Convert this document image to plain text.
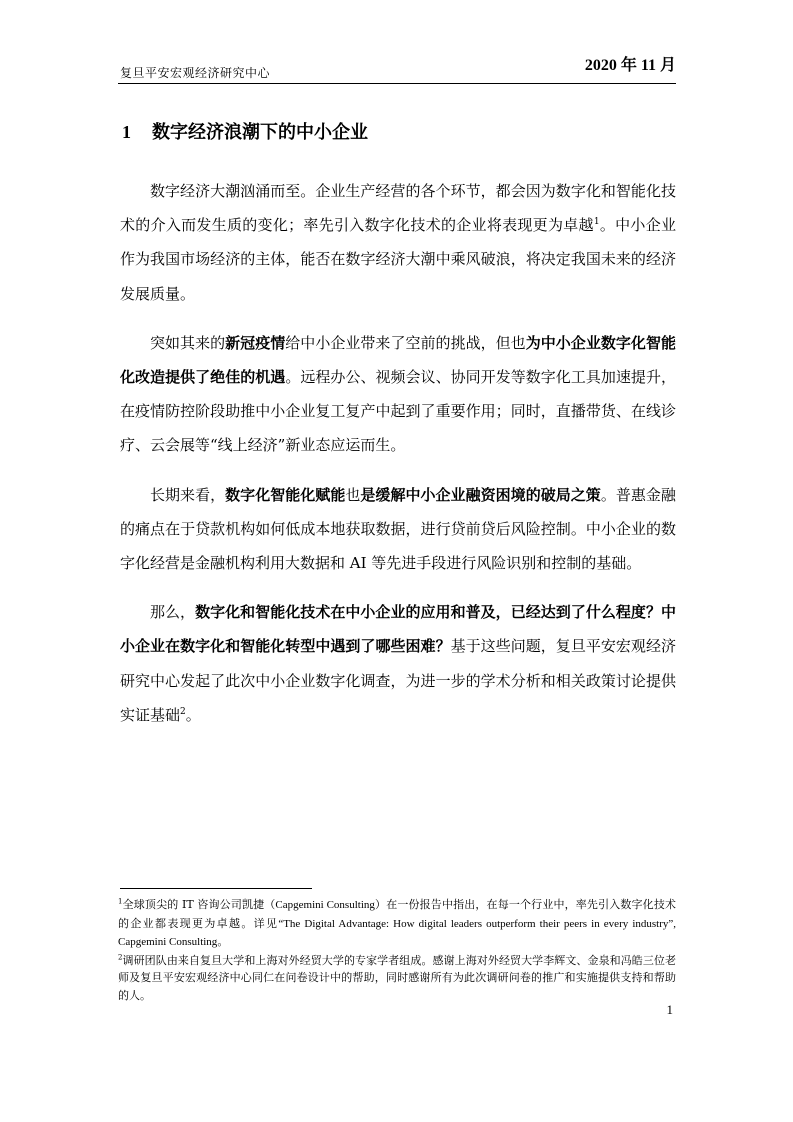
复旦平安宏观经济研究中心	2020 年 11 月
1 数字经济浪潮下的中小企业

数字经济大潮汹涌而至。企业生产经营的各个环节，都会因为数字化和智能化技术的介入而发生质的变化；率先引入数字化技术的企业将表现更为卓越$^1$。中小企业作为我国市场经济的主体，能否在数字经济大潮中乘风破浪，将决定我国未来的经济发展质量。

突如其来的新冠疫情给中小企业带来了空前的挑战，但也为中小企业数字化智能化改造提供了绝佳的机遇。远程办公、视频会议、协同开发等数字化工具加速提升，在疫情防控阶段助推中小企业复工复产中起到了重要作用；同时，直播带货、在线诊疗、云会展等“线上经济”新业态应运而生。

长期来看，数字化智能化赋能也是缓解中小企业融资困境的破局之策。普惠金融的痛点在于贷款机构如何低成本地获取数据，进行贷前贷后风险控制。中小企业的数字化经营是金融机构利用大数据和 AI 等先进手段进行风险识别和控制的基础。

那么，数字化和智能化技术在中小企业的应用和普及，已经达到了什么程度？中小企业在数字化和智能化转型中遇到了哪些困难？基于这些问题，复旦平安宏观经济研究中心发起了此次中小企业数字化调查，为进一步的学术分析和相关政策讨论提供实证基础$^2$。

$^1$全球顶尖的 IT 咨询公司凯捷（Capgemini Consulting）在一份报告中指出，在每一个行业中，率先引入数字化技术的企业都表现更为卓越。详见“The Digital Advantage: How digital leaders outperform their peers in every industry”, Capgemini Consulting。

$^2$调研团队由来自复旦大学和上海对外经贸大学的专家学者组成。感谢上海对外经贸大学李辉文、金泉和冯皓三位老师及复旦平安宏观经济中心同仁在问卷设计中的帮助，同时感谢所有为此次调研问卷的推广和实施提供支持和帮助的人。

1
